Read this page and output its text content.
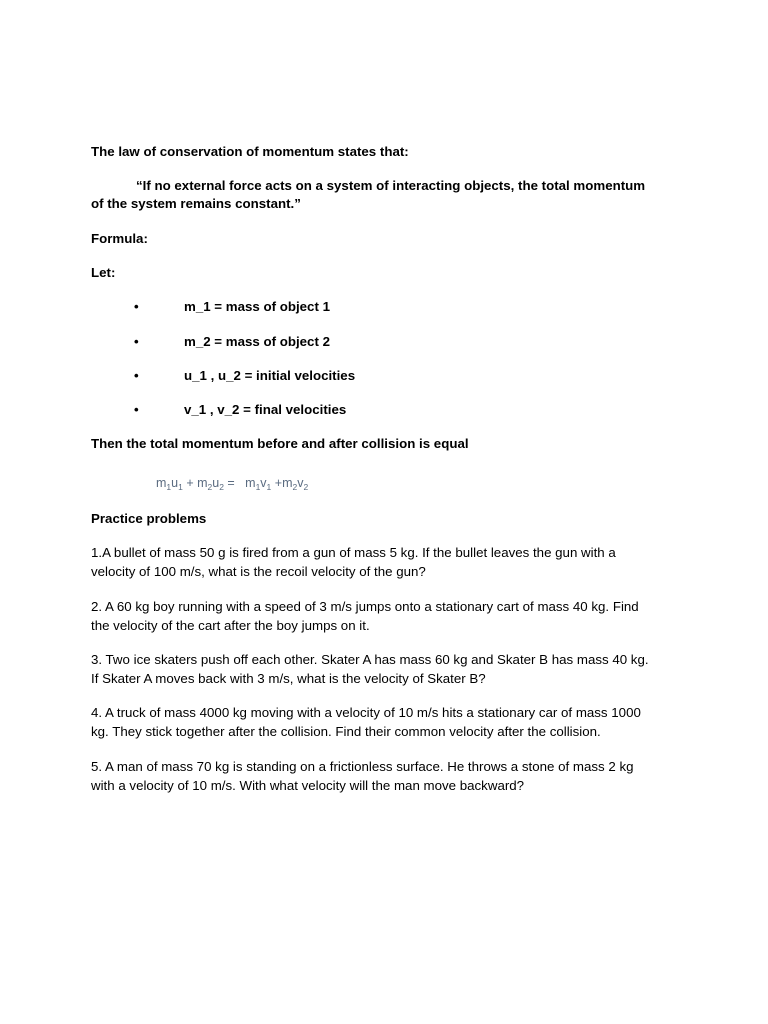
The law of conservation of momentum states that:
“If no external force acts on a system of interacting objects, the total momentum
of the system remains constant.”
Formula:
Let:
•	m_1 = mass of object 1
•	m_2 = mass of object 2
•	u_1 , u_2 = initial velocities
•	v_1 , v_2 = final velocities
Then the total momentum before and after collision is equal
$m_1u_1 + m_2u_2 = m_1v_1 +m_2v_2$
Practice problems
1.A bullet of mass 50 g is fired from a gun of mass 5 kg. If the bullet leaves the gun with a
velocity of 100 m/s, what is the recoil velocity of the gun?
2. A 60 kg boy running with a speed of 3 m/s jumps onto a stationary cart of mass 40 kg. Find
the velocity of the cart after the boy jumps on it.
3. Two ice skaters push off each other. Skater A has mass 60 kg and Skater B has mass 40 kg.
If Skater A moves back with 3 m/s, what is the velocity of Skater B?
4. A truck of mass 4000 kg moving with a velocity of 10 m/s hits a stationary car of mass 1000
kg. They stick together after the collision. Find their common velocity after the collision.
5. A man of mass 70 kg is standing on a frictionless surface. He throws a stone of mass 2 kg
with a velocity of 10 m/s. With what velocity will the man move backward?
